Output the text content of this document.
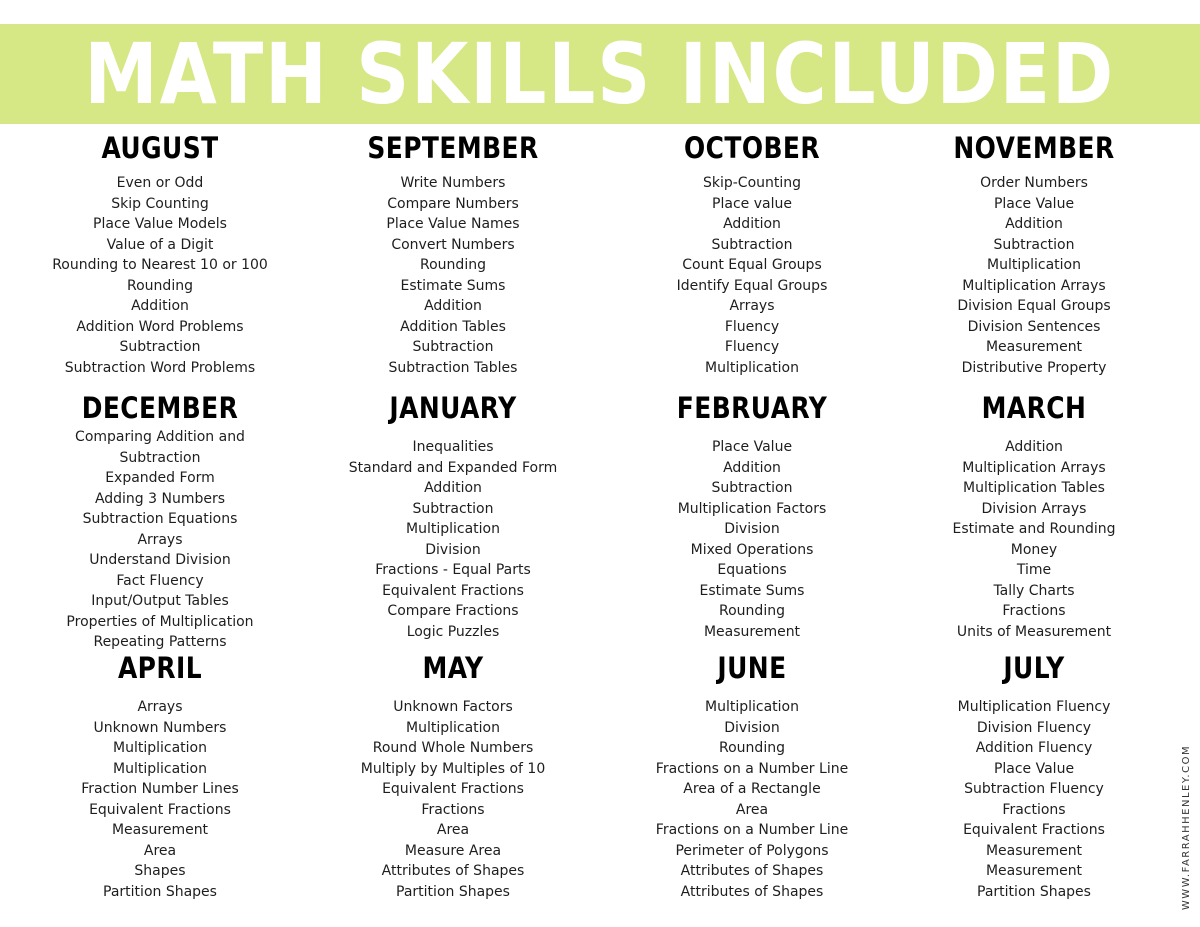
MATH SKILLS INCLUDED
AUGUST
Even or Odd
Skip Counting
Place Value Models
Value of a Digit
Rounding to Nearest 10 or 100
Rounding
Addition
Addition Word Problems
Subtraction
Subtraction Word Problems
SEPTEMBER
Write Numbers
Compare Numbers
Place Value Names
Convert Numbers
Rounding
Estimate Sums
Addition
Addition Tables
Subtraction
Subtraction Tables
OCTOBER
Skip-Counting
Place value
Addition
Subtraction
Count Equal Groups
Identify Equal Groups
Arrays
Fluency
Fluency
Multiplication
NOVEMBER
Order Numbers
Place Value
Addition
Subtraction
Multiplication
Multiplication Arrays
Division Equal Groups
Division Sentences
Measurement
Distributive Property
DECEMBER
Comparing Addition and Subtraction
Expanded Form
Adding 3 Numbers
Subtraction Equations
Arrays
Understand Division
Fact Fluency
Input/Output Tables
Properties of Multiplication
Repeating Patterns
JANUARY
Inequalities
Standard and Expanded Form
Addition
Subtraction
Multiplication
Division
Fractions - Equal Parts
Equivalent Fractions
Compare Fractions
Logic Puzzles
FEBRUARY
Place Value
Addition
Subtraction
Multiplication Factors
Division
Mixed Operations
Equations
Estimate Sums
Rounding
Measurement
MARCH
Addition
Multiplication Arrays
Multiplication Tables
Division Arrays
Estimate and Rounding
Money
Time
Tally Charts
Fractions
Units of Measurement
APRIL
Arrays
Unknown Numbers
Multiplication
Multiplication
Fraction Number Lines
Equivalent Fractions
Measurement
Area
Shapes
Partition Shapes
MAY
Unknown Factors
Multiplication
Round Whole Numbers
Multiply by Multiples of 10
Equivalent Fractions
Fractions
Area
Measure Area
Attributes of Shapes
Partition Shapes
JUNE
Multiplication
Division
Rounding
Fractions on a Number Line
Area of a Rectangle
Area
Fractions on a Number Line
Perimeter of Polygons
Attributes of Shapes
Attributes of Shapes
JULY
Multiplication Fluency
Division Fluency
Addition Fluency
Place Value
Subtraction Fluency
Fractions
Equivalent Fractions
Measurement
Measurement
Partition Shapes	WWW.FARRAHHENLEY.COM
